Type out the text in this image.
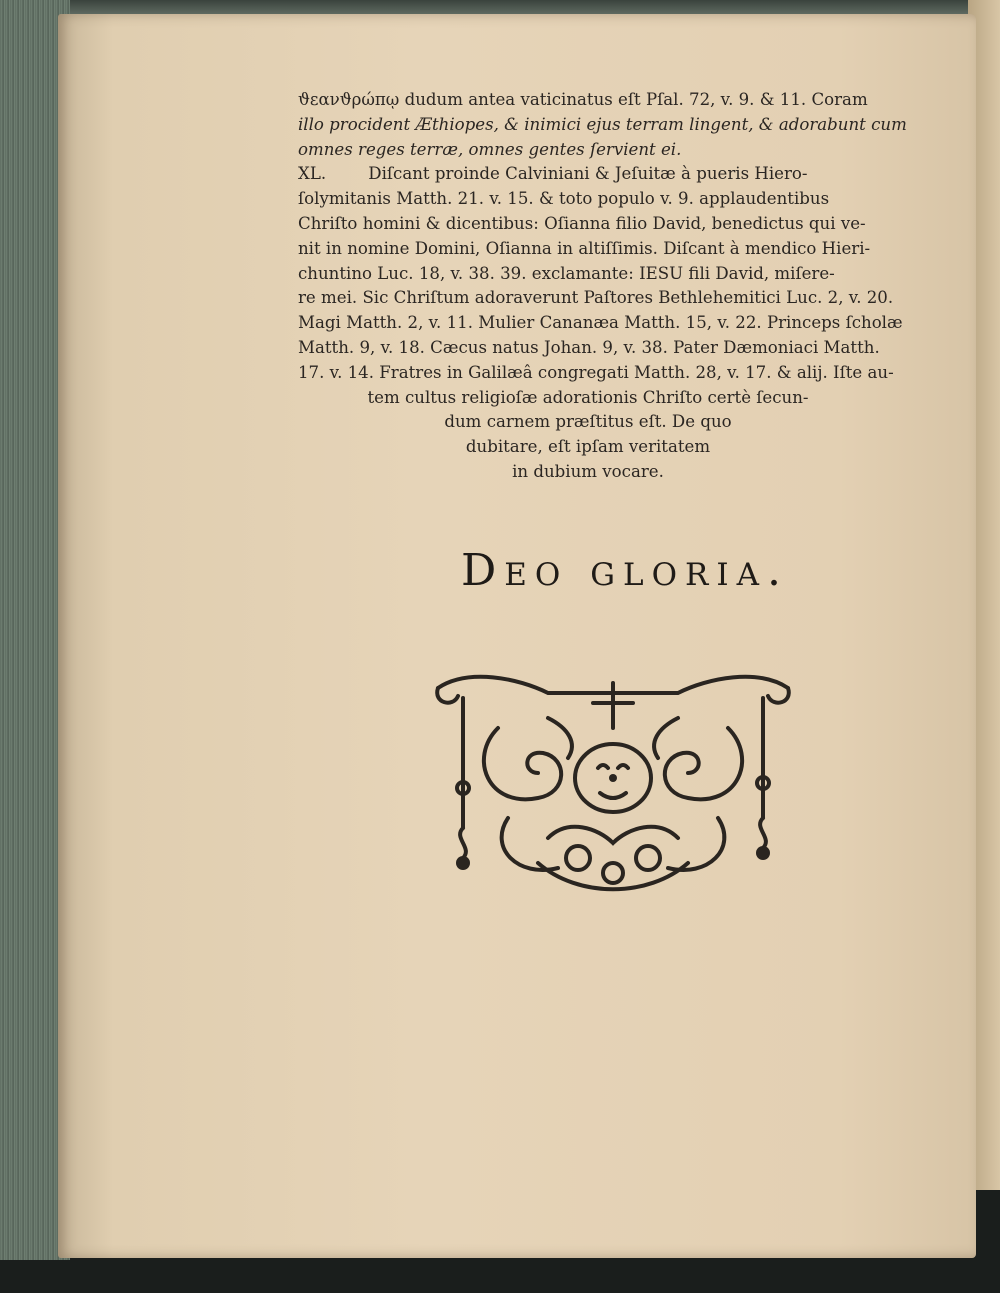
ϑεανϑρώπῳ dudum antea vaticinatus eſt Pſal. 72, v. 9. & 11. Coram
illo procident Æthiopes, & inimici ejus terram lingent, & adorabunt cum
omnes reges terræ, omnes gentes ſervient ei.
XL.        Diſcant proinde Calviniani & Jeſuitæ à pueris Hiero-
ſolymitanis Matth. 21. v. 15. & toto populo v. 9. applaudentibus
Chriſto homini & dicentibus: Oſianna filio David, benedictus qui ve-
nit in nomine Domini, Oſianna in altiſſimis. Diſcant à mendico Hieri-
chuntino Luc. 18, v. 38. 39. exclamante: IESU fili David, miſere-
re mei. Sic Chriſtum adoraverunt Paſtores Bethlehemitici Luc. 2, v. 20.
Magi Matth. 2, v. 11. Mulier Cananæa Matth. 15, v. 22. Princeps ſcholæ
Matth. 9, v. 18. Cæcus natus Johan. 9, v. 38. Pater Dæmoniaci Matth.
17. v. 14. Fratres in Galilæâ congregati Matth. 28, v. 17. & alij. Iſte au-
tem cultus religioſæ adorationis Chriſto certè ſecun-
dum carnem præſtitus eſt. De quo
dubitare, eſt ipſam veritatem
in dubium vocare.
Deo gloria.
